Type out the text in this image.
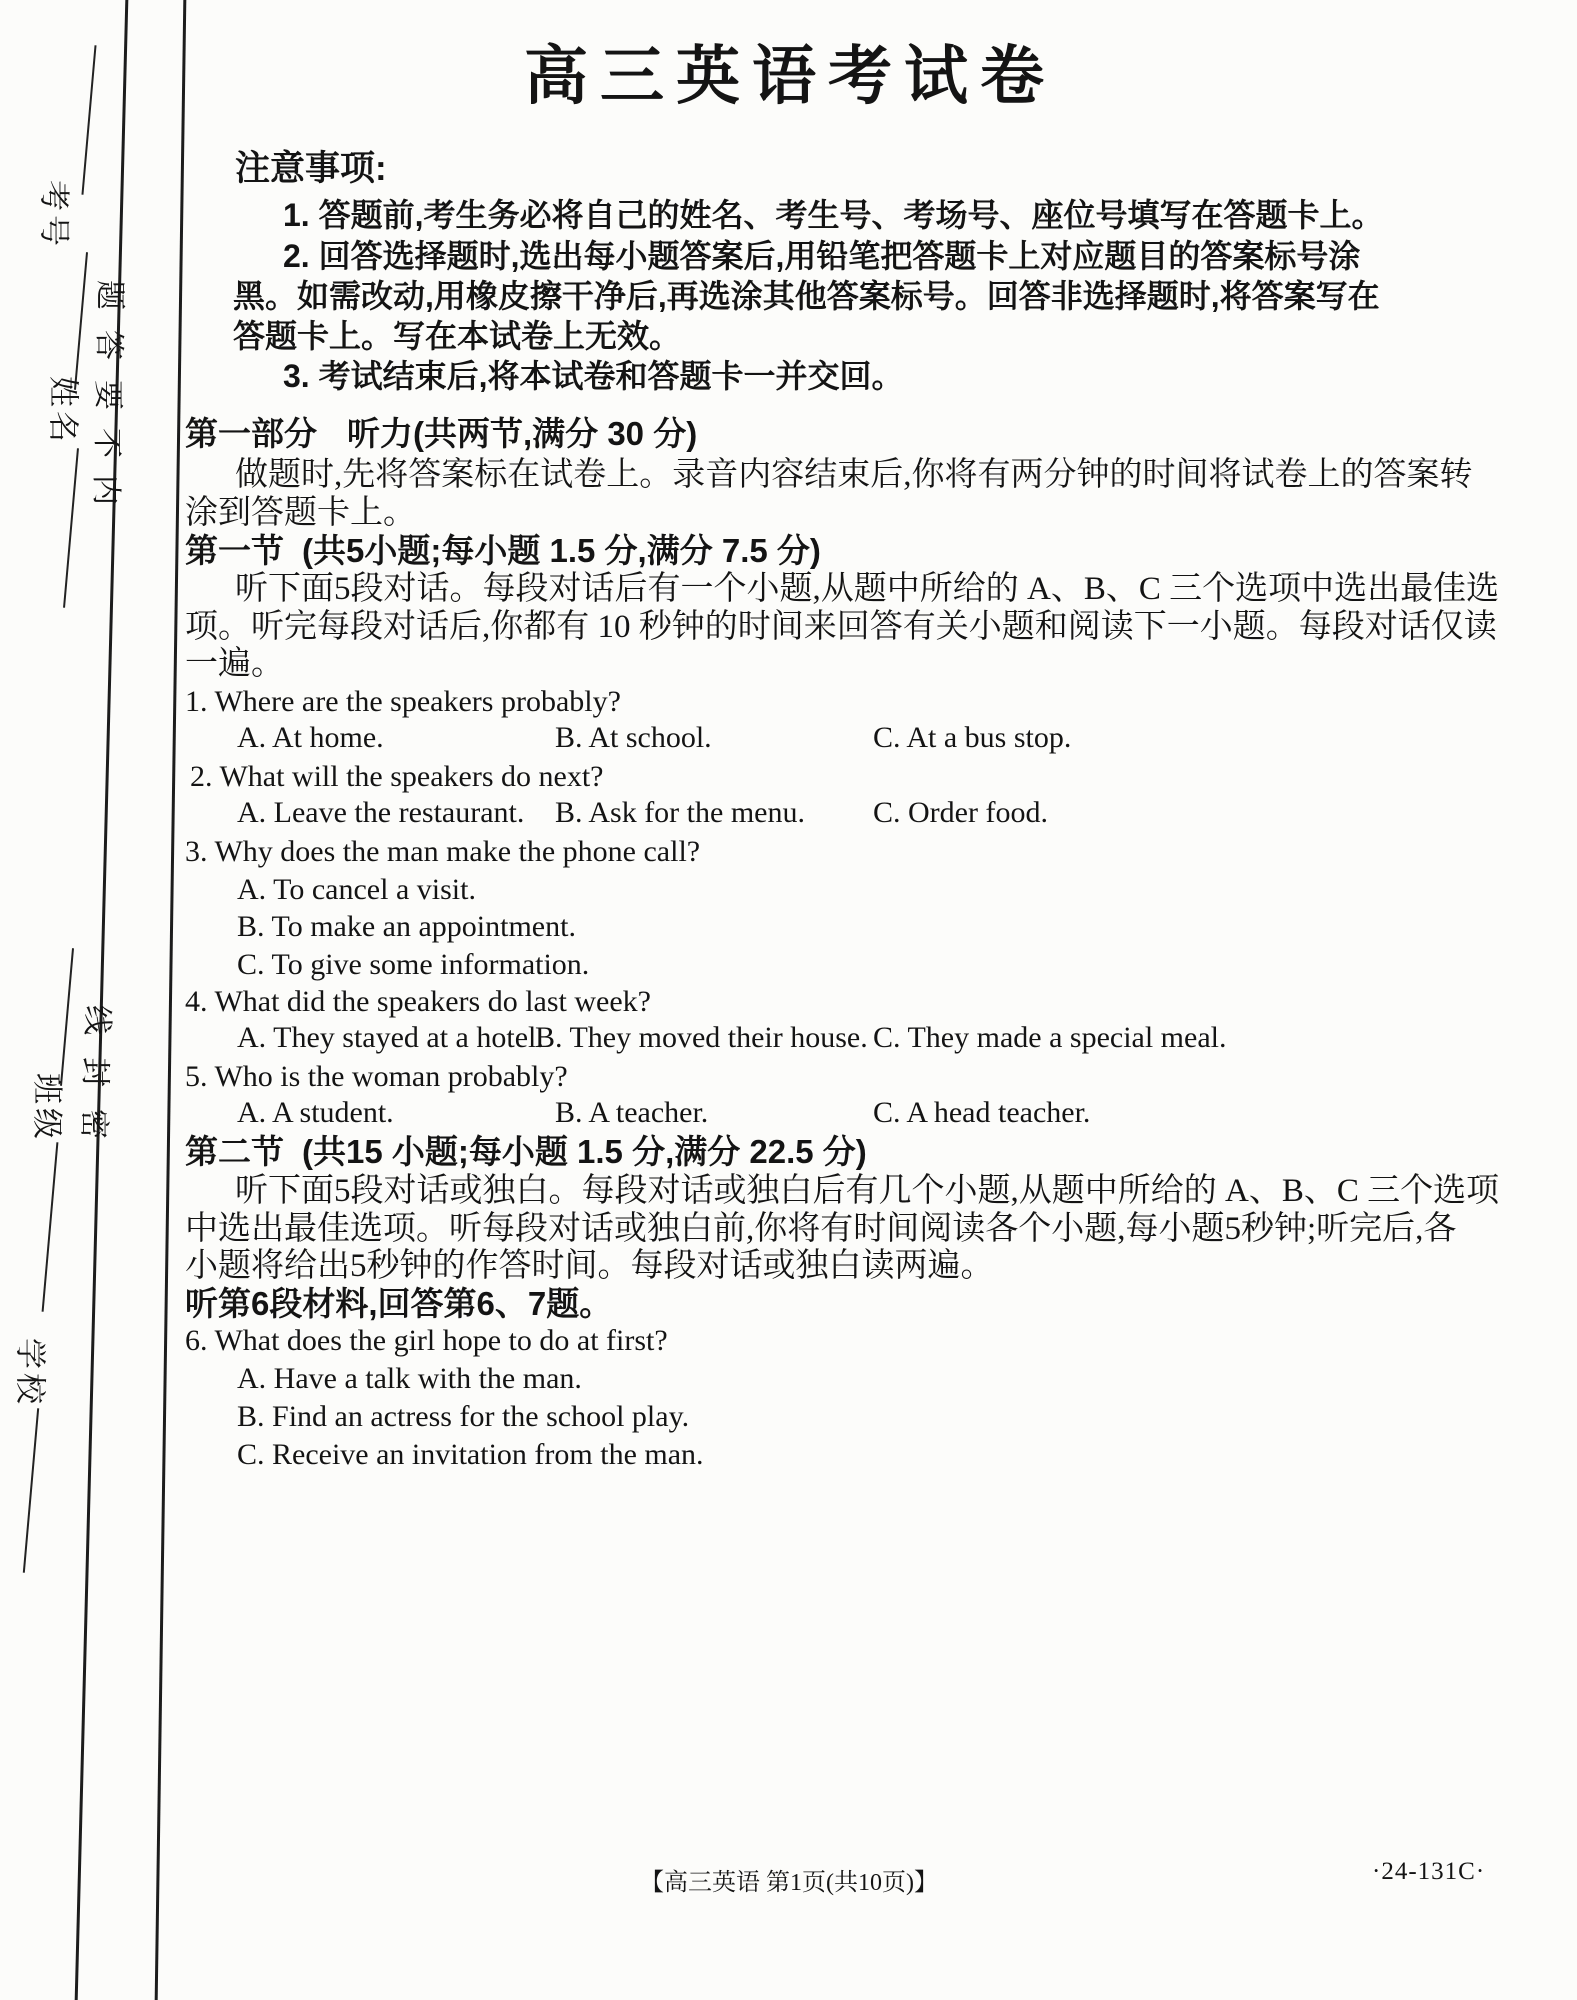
考号
姓名
班级
学校
题
答
要
不
内
线
封
密
高三英语考试卷
注意事项:
1. 答题前,考生务必将自己的姓名、考生号、考场号、座位号填写在答题卡上。
2. 回答选择题时,选出每小题答案后,用铅笔把答题卡上对应题目的答案标号涂
黑。如需改动,用橡皮擦干净后,再选涂其他答案标号。回答非选择题时,将答案写在
答题卡上。写在本试卷上无效。
3. 考试结束后,将本试卷和答题卡一并交回。
第一部分 听力(共两节,满分 30 分)
做题时,先将答案标在试卷上。录音内容结束后,你将有两分钟的时间将试卷上的答案转
涂到答题卡上。
第一节 (共5小题;每小题 1.5 分,满分 7.5 分)
听下面5段对话。每段对话后有一个小题,从题中所给的 A、B、C 三个选项中选出最佳选
项。听完每段对话后,你都有 10 秒钟的时间来回答有关小题和阅读下一小题。每段对话仅读
一遍。
1. Where are the speakers probably?
A. At home.	B. At school.	C. At a bus stop.
2. What will the speakers do next?
A. Leave the restaurant. B. Ask for the menu. C. Order food.
3. Why does the man make the phone call?
A. To cancel a visit.
B. To make an appointment.
C. To give some information.
4. What did the speakers do last week?
A. They stayed at a hotel.
B. They moved their house. C. They made a special meal.
5. Who is the woman probably?
A. A student.	B. A teacher.	C. A head teacher.
第二节 (共15 小题;每小题 1.5 分,满分 22.5 分)
听下面5段对话或独白。每段对话或独白后有几个小题,从题中所给的 A、B、C 三个选项
中选出最佳选项。听每段对话或独白前,你将有时间阅读各个小题,每小题5秒钟;听完后,各
小题将给出5秒钟的作答时间。每段对话或独白读两遍。
听第6段材料,回答第6、7题。
6. What does the girl hope to do at first?
A. Have a talk with the man.
B. Find an actress for the school play.
C. Receive an invitation from the man.
【高三英语 第1页(共10页)】	·24-131C·
